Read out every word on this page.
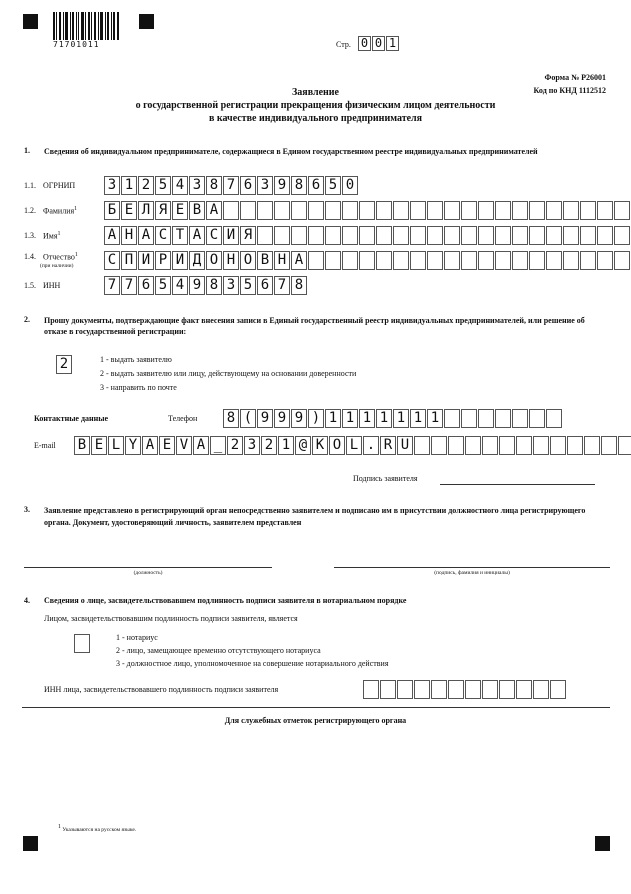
71701011	Стр. 0 0 1
Форма № Р26001
Код по КНД 1112512
Заявление
о государственной регистрации прекращения физическим лицом деятельности
в качестве индивидуального предпринимателя
1. Сведения об индивидуальном предпринимателе, содержащиеся в Едином государственном реестре индивидуальных предпринимателей
1.1. ОГРНИП 3 1 2 5 4 3 8 7 6 3 9 8 6 5 0
1.2. Фамилия$^1$ Б Е Л Я Е В А
1.3. Имя$^1$	А Н А С Т А С И Я
1.4. Отчество$^1$
(при наличии) С П И Р И Д О Н О В Н А
1.5. ИНН	7 7 6 5 4 9 8 3 5 6 7 8
2. Прошу документы, подтверждающие факт внесения записи в Единый государственный реестр индивидуальных предпринимателей, или решение об отказе в государственной регистрации:
2	1 - выдать заявителю
2 - выдать заявителю или лицу, действующему на основании доверенности
3 - направить по почте
Контактные данные	Телефон 8 ( 9 9 9 ) 1 1 1 1 1 1 1
E-mail B E L Y A E V A _ 2 3 2 1 @ K O L . R U
Подпись заявителя
3. Заявление представлено в регистрирующий орган непосредственно заявителем и подписано им в присутствии должностного лица регистрирующего органа. Документ, удостоверяющий личность, заявителем представлен
(должность)	(подпись, фамилия и инициалы)
4. Сведения о лице, засвидетельствовавшем подлинность подписи заявителя в нотариальном порядке
Лицом, засвидетельствовавшим подлинность подписи заявителя, является
1 - нотариус
2 - лицо, замещающее временно отсутствующего нотариуса
3 - должностное лицо, уполномоченное на совершение нотариального действия
ИНН лица, засвидетельствовавшего подлинность подписи заявителя
Для служебных отметок регистрирующего органа
1 Указываются на русском языке.
